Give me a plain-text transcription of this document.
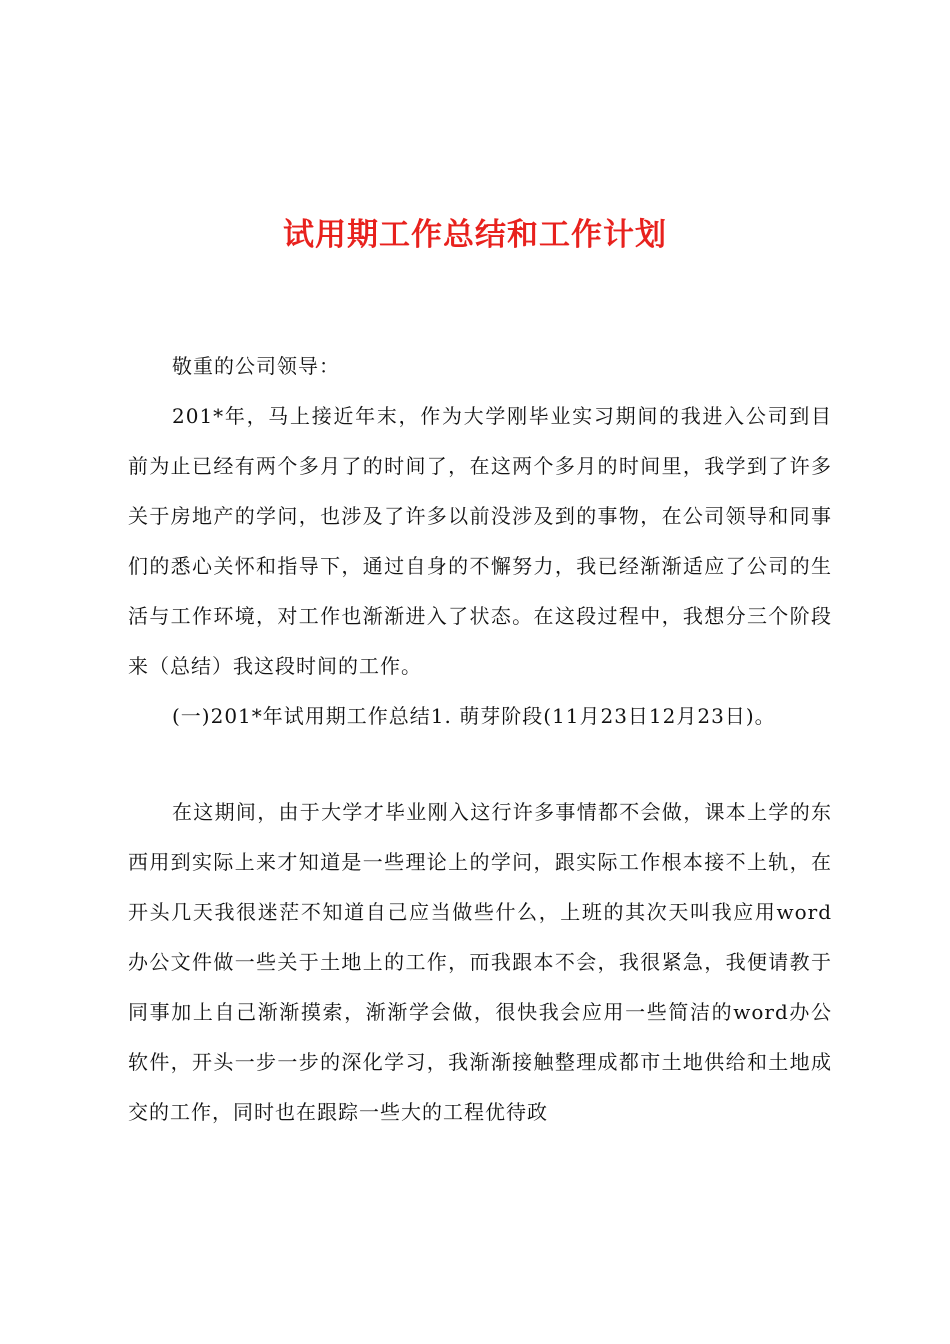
试用期工作总结和工作计划

敬重的公司领导：

201*年，马上接近年末，作为大学刚毕业实习期间的我进入公司到目前为止已经有两个多月了的时间了，在这两个多月的时间里，我学到了许多关于房地产的学问，也涉及了许多以前没涉及到的事物，在公司领导和同事们的悉心关怀和指导下，通过自身的不懈努力，我已经渐渐适应了公司的生活与工作环境，对工作也渐渐进入了状态。在这段过程中，我想分三个阶段来（总结）我这段时间的工作。

(一)201*年试用期工作总结1. 萌芽阶段(11月23日12月23日)。

在这期间，由于大学才毕业刚入这行许多事情都不会做，课本上学的东西用到实际上来才知道是一些理论上的学问，跟实际工作根本接不上轨，在开头几天我很迷茫不知道自己应当做些什么，上班的其次天叫我应用word办公文件做一些关于土地上的工作，而我跟本不会，我很紧急，我便请教于同事加上自己渐渐摸索，渐渐学会做，很快我会应用一些简洁的word办公软件，开头一步一步的深化学习，我渐渐接触整理成都市土地供给和土地成交的工作，同时也在跟踪一些大的工程优待政
